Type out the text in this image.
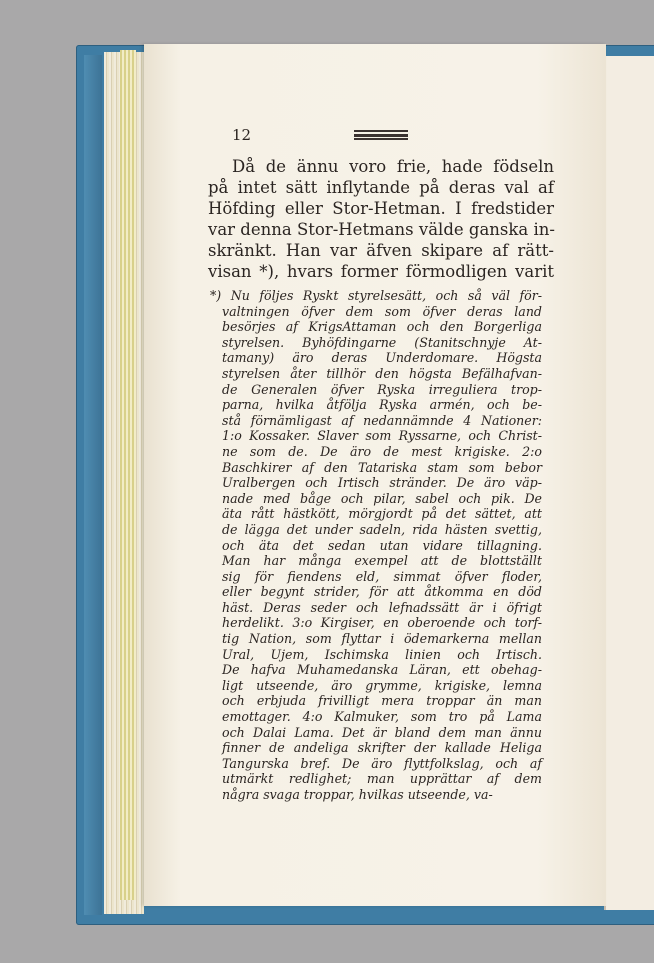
12
Då de ännu voro frie, hade födseln
på intet sätt inflytande på deras val af
Höfding eller Stor-Hetman. I fredstider
var denna Stor-Hetmans välde ganska in-
skränkt. Han var äfven skipare af rätt-
visan *), hvars former förmodligen varit
*) Nu följes Ryskt styrelsesätt, och så väl för-
valtningen öfver dem som öfver deras land
besörjes af KrigsAttaman och den Borgerliga
styrelsen. Byhöfdingarne (Stanitschnyje At-
tamany) äro deras Underdomare. Högsta
styrelsen åter tillhör den högsta Befälhafvan-
de Generalen öfver Ryska irreguliera trop-
parna, hvilka åtfölja Ryska armén, och be-
stå förnämligast af nedannämnde 4 Nationer:
1:o Kossaker. Slaver som Ryssarne, och Christ-
ne som de. De äro de mest krigiske. 2:o
Baschkirer af den Tatariska stam som bebor
Uralbergen och Irtisch stränder. De äro väp-
nade med båge och pilar, sabel och pik. De
äta rått hästkött, mörgjordt på det sättet, att
de lägga det under sadeln, rida hästen svettig,
och äta det sedan utan vidare tillagning.
Man har många exempel att de blottställt
sig för fiendens eld, simmat öfver floder,
eller begynt strider, för att åtkomma en död
häst. Deras seder och lefnadssätt är i öfrigt
herdelikt. 3:o Kirgiser, en oberoende och torf-
tig Nation, som flyttar i ödemarkerna mellan
Ural, Ujem, Ischimska linien och Irtisch.
De hafva Muhamedanska Läran, ett obehag-
ligt utseende, äro grymme, krigiske, lemna
och erbjuda frivilligt mera troppar än man
emottager. 4:o Kalmuker, som tro på Lama
och Dalai Lama. Det är bland dem man ännu
finner de andeliga skrifter der kallade Heliga
Tangurska bref. De äro flyttfolkslag, och af
utmärkt redlighet; man upprättar af dem
några svaga troppar, hvilkas utseende, va-
